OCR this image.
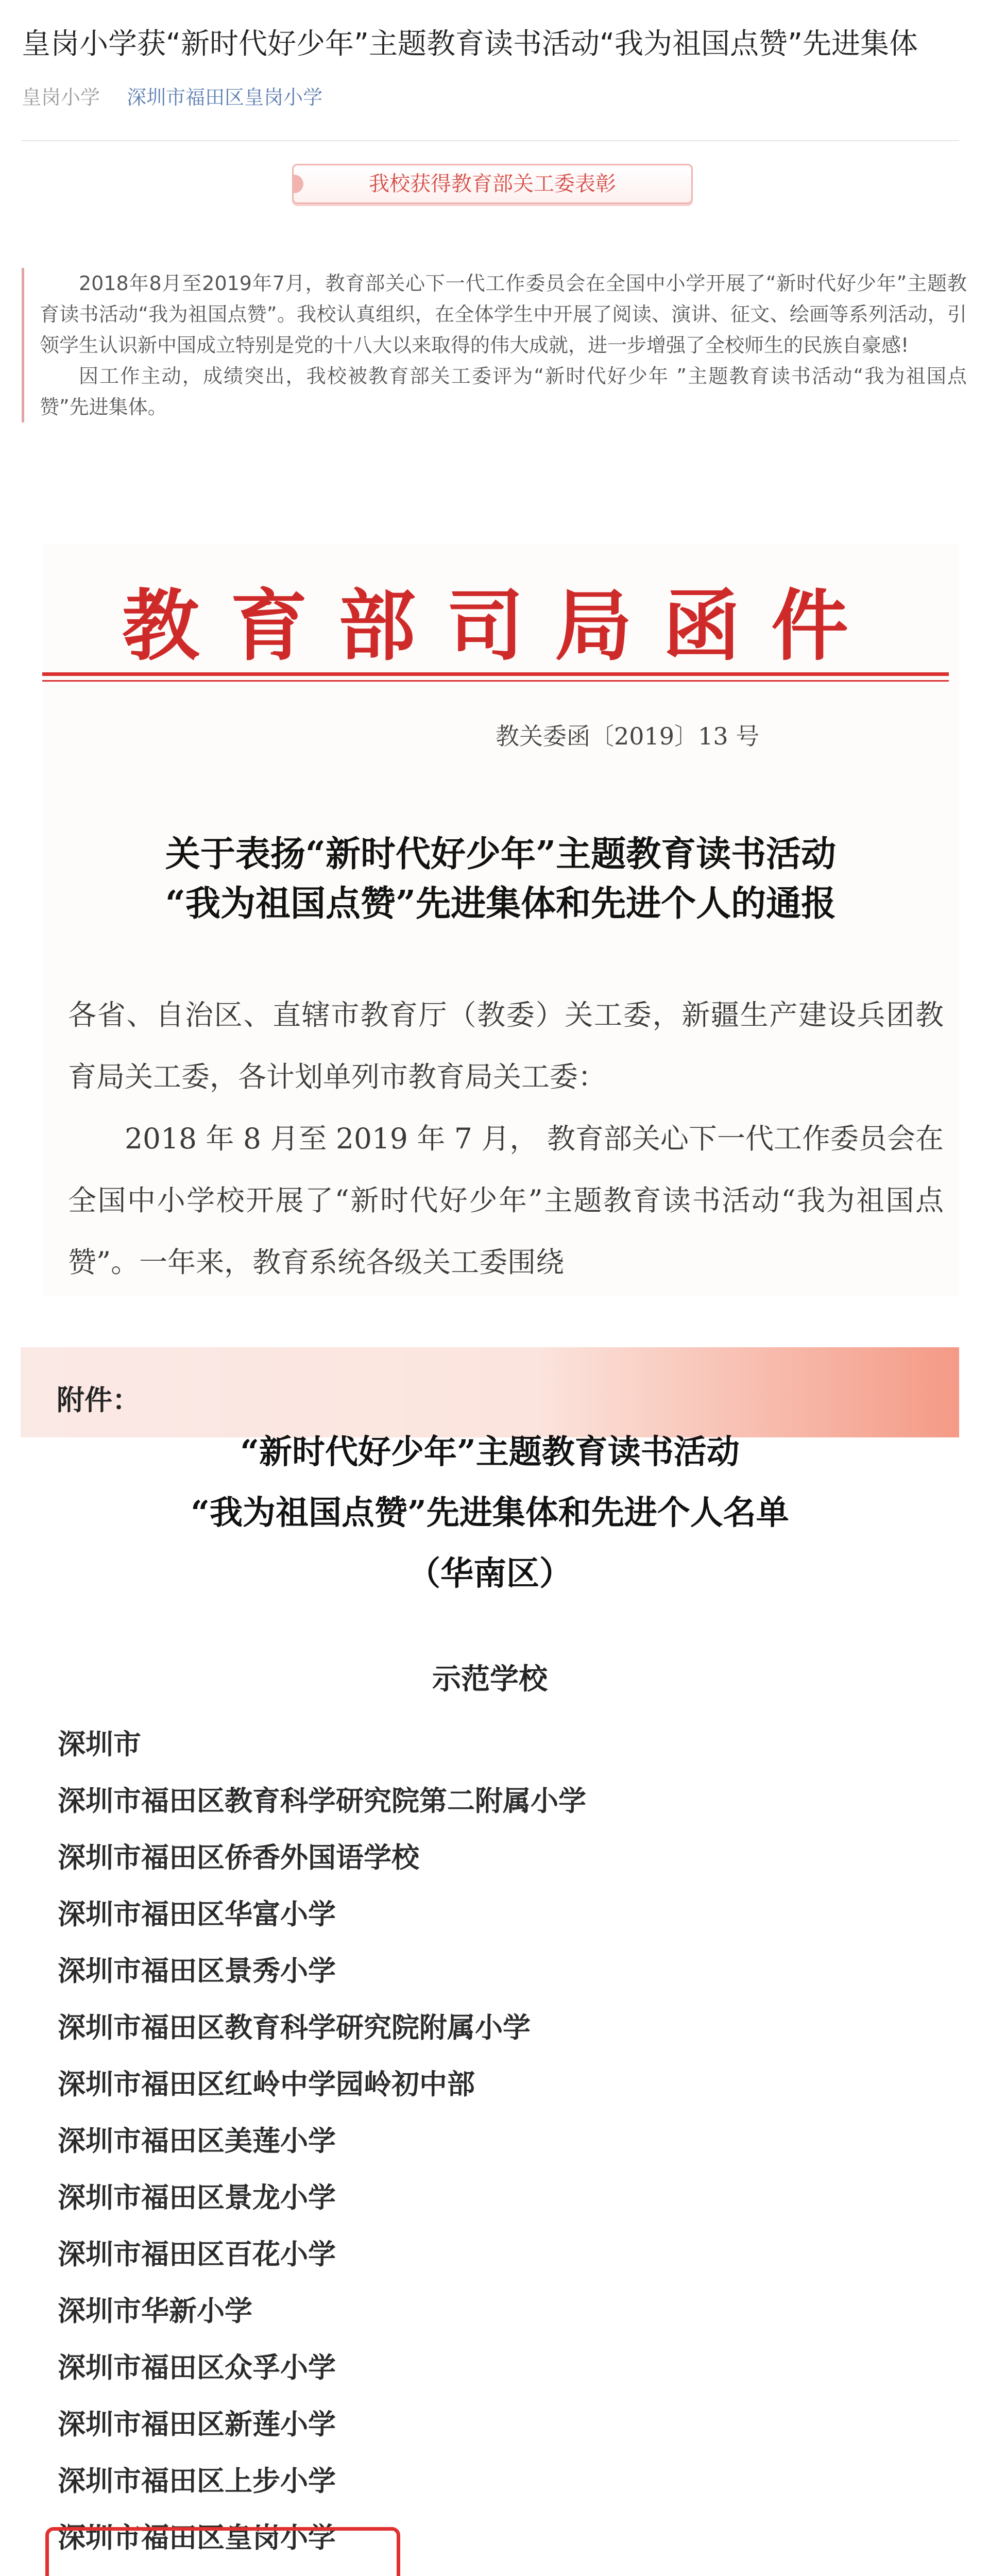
皇岗小学获“新时代好少年”主题教育读书活动“我为祖国点赞”先进集体
皇岗小学 深圳市福田区皇岗小学
我校获得教育部关工委表彰

2018年8月至2019年7月，教育部关心下一代工作委员会在全国中小学开展了“新时代好少年”主题教育读书活动“我为祖国点赞”。我校认真组织，在全体学生中开展了阅读、演讲、征文、绘画等系列活动，引领学生认识新中国成立特别是党的十八大以来取得的伟大成就，进一步增强了全校师生的民族自豪感!

因工作主动，成绩突出，我校被教育部关工委评为“新时代好少年 ”主题教育读书活动“我为祖国点赞”先进集体。

教育部司局函件
教关委函〔2019〕13 号
关于表扬“新时代好少年”主题教育读书活动
“我为祖国点赞”先进集体和先进个人的通报

各省、自治区、直辖市教育厅（教委）关工委，新疆生产建设兵团教育局关工委，各计划单列市教育局关工委：

2018 年 8 月至 2019 年 7 月， 教育部关心下一代工作委员会在全国中小学校开展了“新时代好少年”主题教育读书活动“我为祖国点赞”。一年来，教育系统各级关工委围绕

附件：
“新时代好少年”主题教育读书活动
“我为祖国点赞”先进集体和先进个人名单
（华南区）
示范学校
深圳市
深圳市福田区教育科学研究院第二附属小学
深圳市福田区侨香外国语学校
深圳市福田区华富小学
深圳市福田区景秀小学
深圳市福田区教育科学研究院附属小学
深圳市福田区红岭中学园岭初中部
深圳市福田区美莲小学
深圳市福田区景龙小学
深圳市福田区百花小学
深圳市华新小学
深圳市福田区众孚小学
深圳市福田区新莲小学
深圳市福田区上步小学
深圳市福田区皇岗小学
